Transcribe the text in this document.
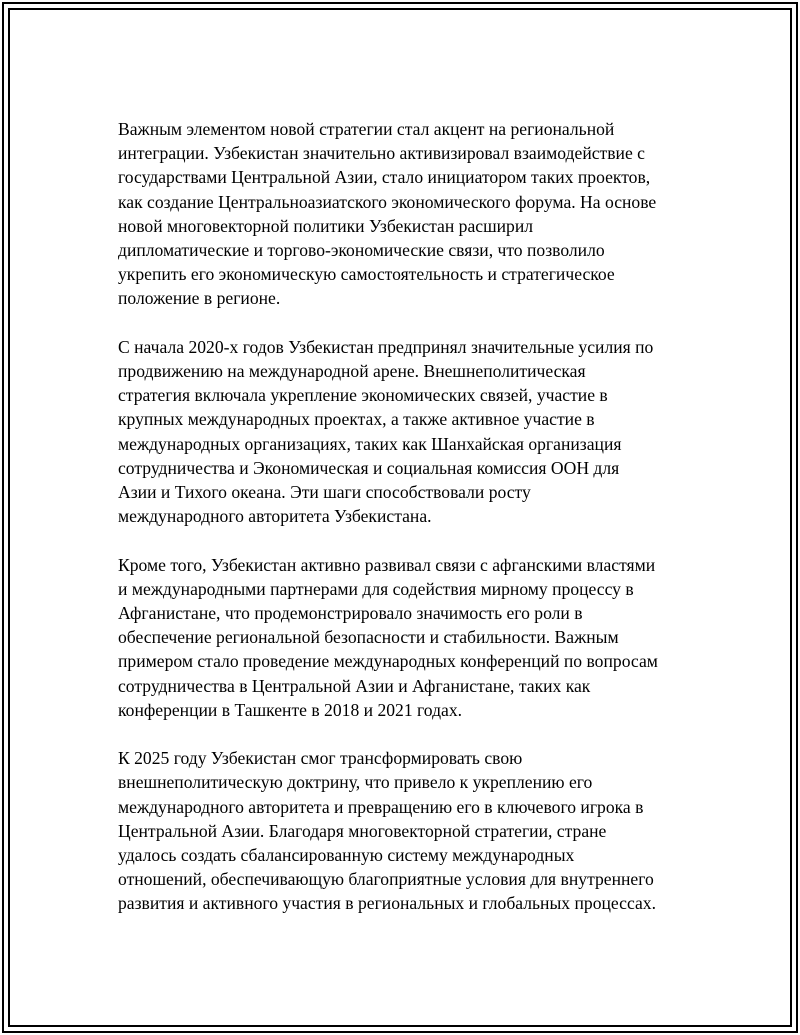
Важным элементом новой стратегии стал акцент на региональной
интеграции. Узбекистан значительно активизировал взаимодействие с
государствами Центральной Азии, стало инициатором таких проектов,
как создание Центральноазиатского экономического форума. На основе
новой многовекторной политики Узбекистан расширил
дипломатические и торгово-экономические связи, что позволило
укрепить его экономическую самостоятельность и стратегическое
положение в регионе.

С начала 2020-х годов Узбекистан предпринял значительные усилия по
продвижению на международной арене. Внешнеполитическая
стратегия включала укрепление экономических связей, участие в
крупных международных проектах, а также активное участие в
международных организациях, таких как Шанхайская организация
сотрудничества и Экономическая и социальная комиссия ООН для
Азии и Тихого океана. Эти шаги способствовали росту
международного авторитета Узбекистана.

Кроме того, Узбекистан активно развивал связи с афганскими властями
и международными партнерами для содействия мирному процессу в
Афганистане, что продемонстрировало значимость его роли в
обеспечение региональной безопасности и стабильности. Важным
примером стало проведение международных конференций по вопросам
сотрудничества в Центральной Азии и Афганистане, таких как
конференции в Ташкенте в 2018 и 2021 годах.

К 2025 году Узбекистан смог трансформировать свою
внешнеполитическую доктрину, что привело к укреплению его
международного авторитета и превращению его в ключевого игрока в
Центральной Азии. Благодаря многовекторной стратегии, стране
удалось создать сбалансированную систему международных
отношений, обеспечивающую благоприятные условия для внутреннего
развития и активного участия в региональных и глобальных процессах.
